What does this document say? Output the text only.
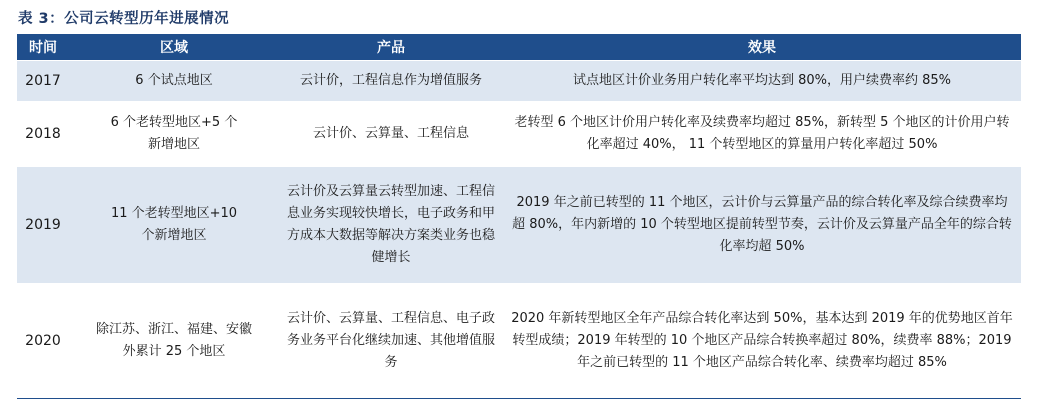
表 3：公司云转型历年进展情况
时间	区域	产品	效果
2017	6 个试点地区	云计价，工程信息作为增值服务	试点地区计价业务用户转化率平均达到 80%，用户续费率约 85%
2018	6 个老转型地区+5 个新增地区	云计价、云算量、工程信息	老转型 6 个地区计价用户转化率及续费率均超过 85%，新转型 5 个地区的计价用户转化率超过 40%， 11 个转型地区的算量用户转化率超过 50%
2019	11 个老转型地区+10 个新增地区	云计价及云算量云转型加速、工程信息业务实现较快增长，电子政务和甲方成本大数据等解决方案类业务也稳健增长	2019 年之前已转型的 11 个地区，云计价与云算量产品的综合转化率及综合续费率均超 80%，年内新增的 10 个转型地区提前转型节奏，云计价及云算量产品全年的综合转化率均超 50%
2020	除江苏、浙江、福建、安徽外累计 25 个地区	云计价、云算量、工程信息、电子政务业务平台化继续加速、其他增值服务	2020 年新转型地区全年产品综合转化率达到 50%，基本达到 2019 年的优势地区首年转型成绩；2019 年转型的 10 个地区产品综合转换率超过 80%，续费率 88%；2019 年之前已转型的 11 个地区产品综合转化率、续费率均超过 85%
